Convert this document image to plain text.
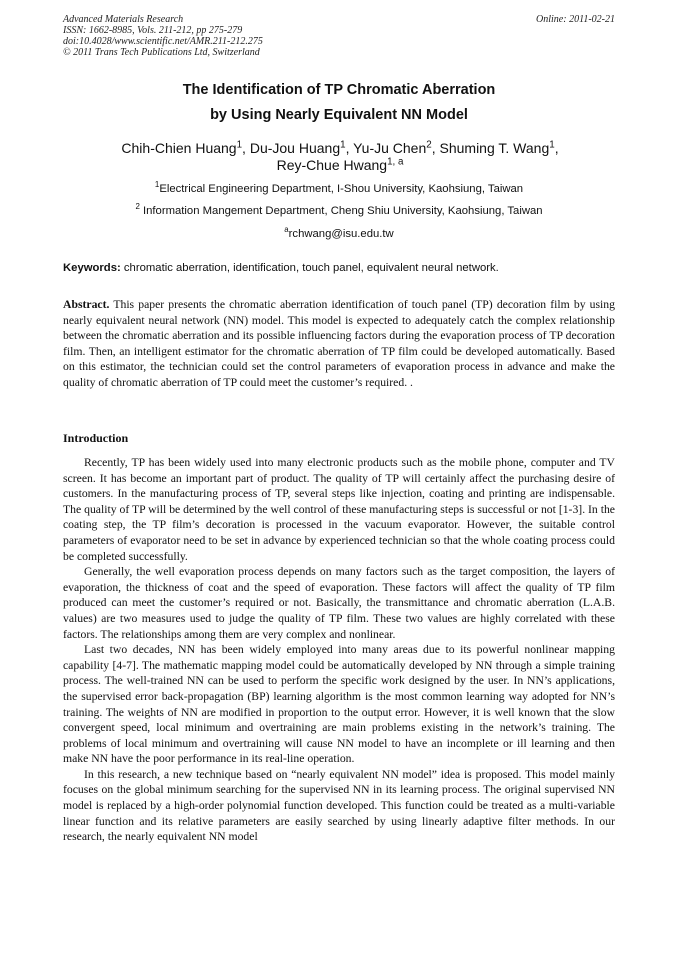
Advanced Materials Research
ISSN: 1662-8985, Vols. 211-212, pp 275-279
doi:10.4028/www.scientific.net/AMR.211-212.275
© 2011 Trans Tech Publications Ltd, Switzerland
Online: 2011-02-21
The Identification of TP Chromatic Aberration
by Using Nearly Equivalent NN Model
Chih-Chien Huang$^1$, Du-Jou Huang$^1$, Yu-Ju Chen$^2$, Shuming T. Wang$^1$,
Rey-Chue Hwang$^{1, a}$
$^1$Electrical Engineering Department, I-Shou University, Kaohsiung, Taiwan
$^2$ Information Mangement Department, Cheng Shiu University, Kaohsiung, Taiwan
$^a$rchwang@isu.edu.tw
Keywords: chromatic aberration, identification, touch panel, equivalent neural network.

Abstract. This paper presents the chromatic aberration identification of touch panel (TP) decoration film by using nearly equivalent neural network (NN) model. This model is expected to adequately catch the complex relationship between the chromatic aberration and its possible influencing factors during the evaporation process of TP decoration film. Then, an intelligent estimator for the chromatic aberration of TP film could be developed automatically. Based on this estimator, the technician could set the control parameters of evaporation process in advance and make the quality of chromatic aberration of TP could meet the customer’s required. .

Introduction

Recently, TP has been widely used into many electronic products such as the mobile phone, computer and TV screen. It has become an important part of product. The quality of TP will certainly affect the purchasing desire of customers. In the manufacturing process of TP, several steps like injection, coating and printing are indispensable. The quality of TP will be determined by the well control of these manufacturing steps is successful or not [1-3]. In the coating step, the TP film’s decoration is processed in the vacuum evaporator. However, the suitable control parameters of evaporator need to be set in advance by experienced technician so that the whole coating process could be completed successfully.

Generally, the well evaporation process depends on many factors such as the target composition, the layers of evaporation, the thickness of coat and the speed of evaporation. These factors will affect the quality of TP film produced can meet the customer’s required or not. Basically, the transmittance and chromatic aberration (L.A.B. values) are two measures used to judge the quality of TP film. These two values are highly correlated with these factors. The relationships among them are very complex and nonlinear.

Last two decades, NN has been widely employed into many areas due to its powerful nonlinear mapping capability [4-7]. The mathematic mapping model could be automatically developed by NN through a simple training process. The well-trained NN can be used to perform the specific work designed by the user. In NN’s applications, the supervised error back-propagation (BP) learning algorithm is the most common learning way adopted for NN’s training. The weights of NN are modified in proportion to the output error. However, it is well known that the slow convergent speed, local minimum and overtraining are main problems existing in the network’s training. The problems of local minimum and overtraining will cause NN model to have an incomplete or ill learning and then make NN have the poor performance in its real-line operation.

In this research, a new technique based on “nearly equivalent NN model” idea is proposed. This model mainly focuses on the global minimum searching for the supervised NN in its learning process. The original supervised NN model is replaced by a high-order polynomial function developed. This function could be treated as a multi-variable linear function and its relative parameters are easily searched by using linearly adaptive filter methods. In our research, the nearly equivalent NN model
